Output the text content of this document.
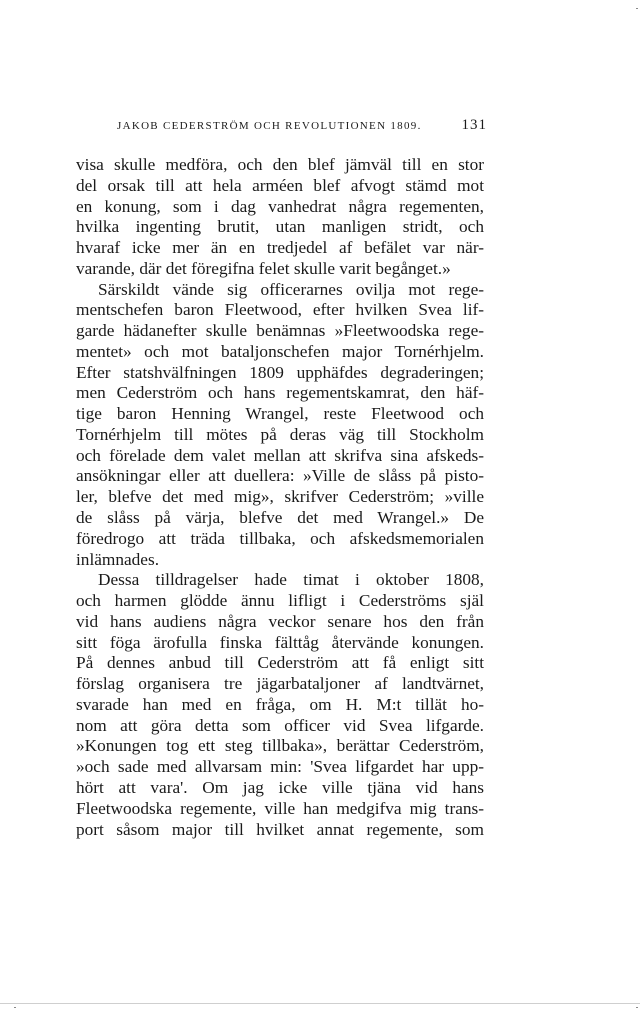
JAKOB CEDERSTRÖM OCH REVOLUTIONEN 1809.	131
visa skulle medföra, och den blef jämväl till en stor
del orsak till att hela arméen blef afvogt stämd mot
en konung, som i dag vanhedrat några regementen,
hvilka ingenting brutit, utan manligen stridt, och
hvaraf icke mer än en tredjedel af befälet var när-
varande, där det föregifna felet skulle varit begånget.»
Särskildt vände sig officerarnes ovilja mot rege-
mentschefen baron Fleetwood, efter hvilken Svea lif-
garde hädanefter skulle benämnas »Fleetwoodska rege-
mentet» och mot bataljonschefen major Tornérhjelm.
Efter statshvälfningen 1809 upphäfdes degraderingen;
men Cederström och hans regementskamrat, den häf-
tige baron Henning Wrangel, reste Fleetwood och
Tornérhjelm till mötes på deras väg till Stockholm
och förelade dem valet mellan att skrifva sina afskeds-
ansökningar eller att duellera: »Ville de slåss på pisto-
ler, blefve det med mig», skrifver Cederström; »ville
de slåss på värja, blefve det med Wrangel.» De
föredrogo att träda tillbaka, och afskedsmemorialen
inlämnades.
Dessa tilldragelser hade timat i oktober 1808,
och harmen glödde ännu lifligt i Cederströms själ
vid hans audiens några veckor senare hos den från
sitt föga ärofulla finska fälttåg återvände konungen.
På dennes anbud till Cederström att få enligt sitt
förslag organisera tre jägarbataljoner af landtvärnet,
svarade han med en fråga, om H. M:t tillät ho-
nom att göra detta som officer vid Svea lifgarde.
»Konungen tog ett steg tillbaka», berättar Cederström,
»och sade med allvarsam min: 'Svea lifgardet har upp-
hört att vara'. Om jag icke ville tjäna vid hans
Fleetwoodska regemente, ville han medgifva mig trans-
port såsom major till hvilket annat regemente, som
